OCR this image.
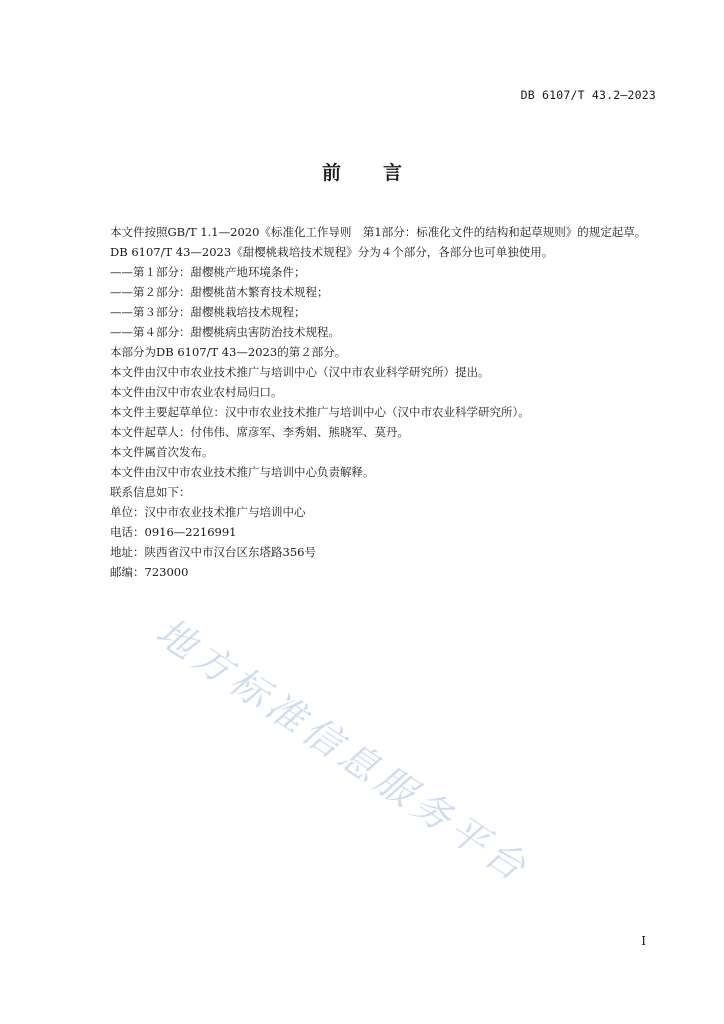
DB 6107/T 43.2—2023
前 言

本文件按照GB/T 1.1—2020《标准化工作导则　第1部分：标准化文件的结构和起草规则》的规定起草。

DB 6107/T 43—2023《甜樱桃栽培技术规程》分为４个部分，各部分也可单独使用。

——第１部分：甜樱桃产地环境条件；

——第２部分：甜樱桃苗木繁育技术规程；

——第３部分：甜樱桃栽培技术规程；

——第４部分：甜樱桃病虫害防治技术规程。

本部分为DB 6107/T 43—2023的第２部分。

本文件由汉中市农业技术推广与培训中心（汉中市农业科学研究所）提出。

本文件由汉中市农业农村局归口。

本文件主要起草单位：汉中市农业技术推广与培训中心（汉中市农业科学研究所）。

本文件起草人：付伟伟、席彦军、李秀娟、熊晓军、莫丹。

本文件属首次发布。

本文件由汉中市农业技术推广与培训中心负责解释。

联系信息如下：

单位：汉中市农业技术推广与培训中心

电话：0916—2216991

地址：陕西省汉中市汉台区东塔路356号

邮编：723000

地方标准信息服务平台
I
